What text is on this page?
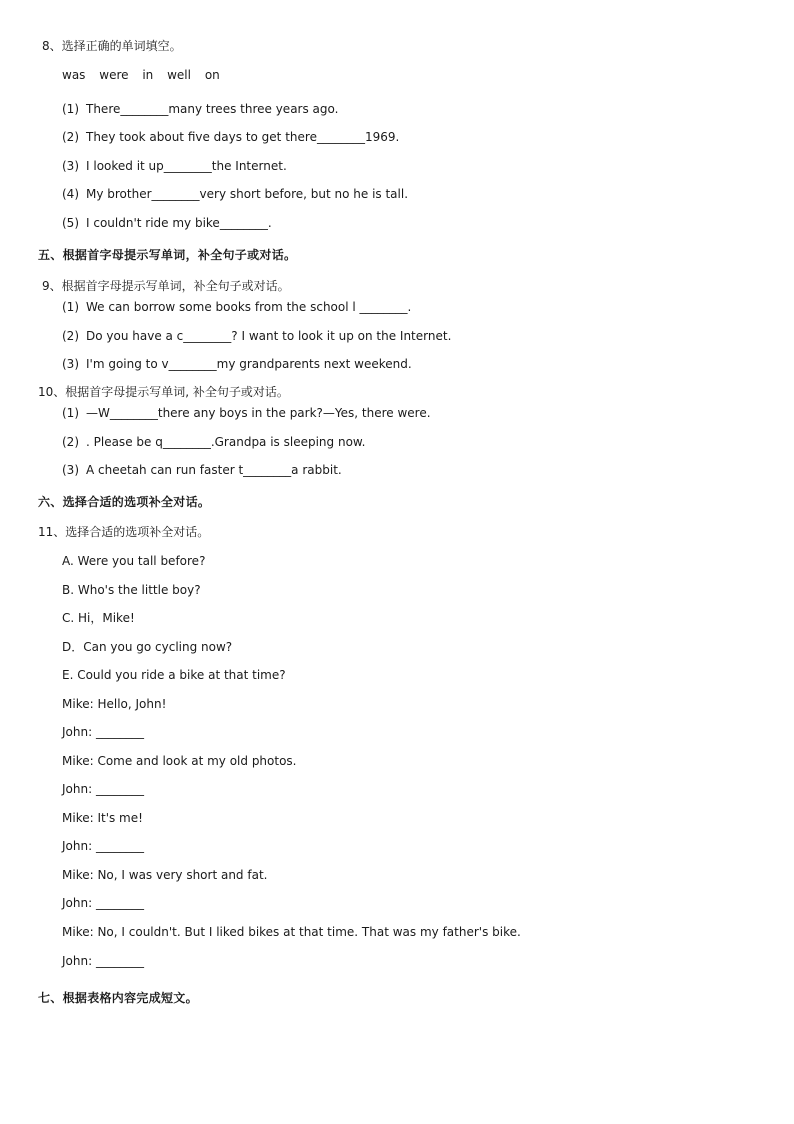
8、选择正确的单词填空。
was were in well on
(1) There________many trees three years ago.
(2) They took about five days to get there________1969.
(3) I looked it up________the Internet.
(4) My brother________very short before, but no he is tall.
(5) I couldn't ride my bike________.
五、根据首字母提示写单词，补全句子或对话。
9、根据首字母提示写单词，补全句子或对话。
(1) We can borrow some books from the school l ________.
(2) Do you have a c________? I want to look it up on the Internet.
(3) I'm going to v________my grandparents next weekend.
10、根据首字母提示写单词, 补全句子或对话。
(1) —W________there any boys in the park?—Yes, there were.
(2) . Please be q________.Grandpa is sleeping now.
(3) A cheetah can run faster t________a rabbit.
六、选择合适的选项补全对话。
11、选择合适的选项补全对话。
A. Were you tall before?
B. Who's the little boy?
C. Hi，Mike!
D．Can you go cycling now?
E. Could you ride a bike at that time?
Mike: Hello, John!
John: ________
Mike: Come and look at my old photos.
John: ________
Mike: It's me!
John: ________
Mike: No, I was very short and fat.
John: ________
Mike: No, I couldn't. But I liked bikes at that time. That was my father's bike.
John: ________
七、根据表格内容完成短文。
